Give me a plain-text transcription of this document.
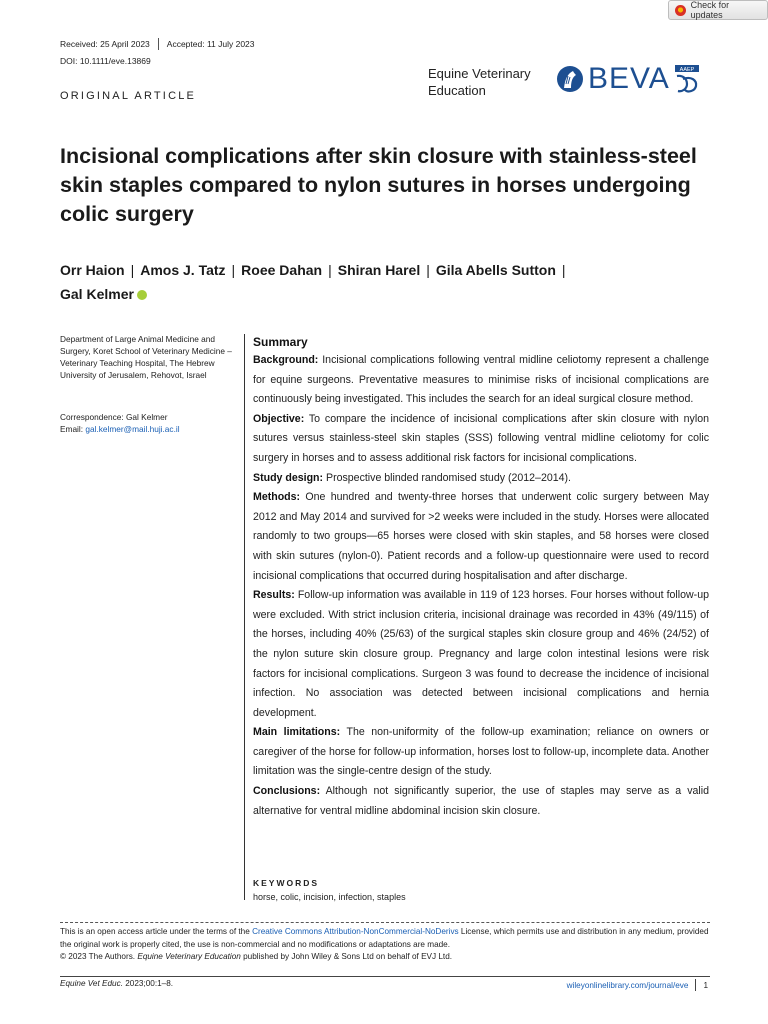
Check for updates
Received: 25 April 2023 Accepted: 11 July 2023
DOI: 10.1111/eve.13869
ORIGINAL ARTICLE
Equine Veterinary
Education	BEVA AAEP
Incisional complications after skin closure with stainless-steel skin staples compared to nylon sutures in horses undergoing colic surgery
Orr Haion | Amos J. Tatz | Roee Dahan | Shiran Harel | Gila Abells Sutton |
Gal Kelmer
Department of Large Animal Medicine and Surgery, Koret School of Veterinary Medicine – Veterinary Teaching Hospital, The Hebrew University of Jerusalem, Rehovot, Israel
Correspondence: Gal Kelmer
Email: gal.kelmer@mail.huji.ac.il
Summary

Background: Incisional complications following ventral midline celiotomy represent a challenge for equine surgeons. Preventative measures to minimise risks of incisional complications are continuously being investigated. This includes the search for an ideal surgical closure method.

Objective: To compare the incidence of incisional complications after skin closure with nylon sutures versus stainless-steel skin staples (SSS) following ventral midline celiotomy for colic surgery in horses and to assess additional risk factors for incisional complications.

Study design: Prospective blinded randomised study (2012–2014).

Methods: One hundred and twenty-three horses that underwent colic surgery between May 2012 and May 2014 and survived for >2 weeks were included in the study. Horses were allocated randomly to two groups—65 horses were closed with skin staples, and 58 horses were closed with skin sutures (nylon-0). Patient records and a follow-up questionnaire were used to record incisional complications that occurred during hospitalisation and after discharge.

Results: Follow-up information was available in 119 of 123 horses. Four horses without follow-up were excluded. With strict inclusion criteria, incisional drainage was recorded in 43% (49/115) of the horses, including 40% (25/63) of the surgical staples skin closure group and 46% (24/52) of the nylon suture skin closure group. Pregnancy and large colon intestinal lesions were risk factors for incisional complications. Surgeon 3 was found to decrease the incidence of incisional infection. No association was detected between incisional complications and hernia development.

Main limitations: The non-uniformity of the follow-up examination; reliance on owners or caregiver of the horse for follow-up information, horses lost to follow-up, incomplete data. Another limitation was the single-centre design of the study.

Conclusions: Although not significantly superior, the use of staples may serve as a valid alternative for ventral midline abdominal incision skin closure.

KEYWORDS
horse, colic, incision, infection, staples
This is an open access article under the terms of the Creative Commons Attribution-NonCommercial-NoDerivs License, which permits use and distribution in any medium, provided the original work is properly cited, the use is non-commercial and no modifications or adaptations are made.
© 2023 The Authors. Equine Veterinary Education published by John Wiley & Sons Ltd on behalf of EVJ Ltd.
Equine Vet Educ. 2023;00:1–8.	wileyonlinelibrary.com/journal/eve 1
